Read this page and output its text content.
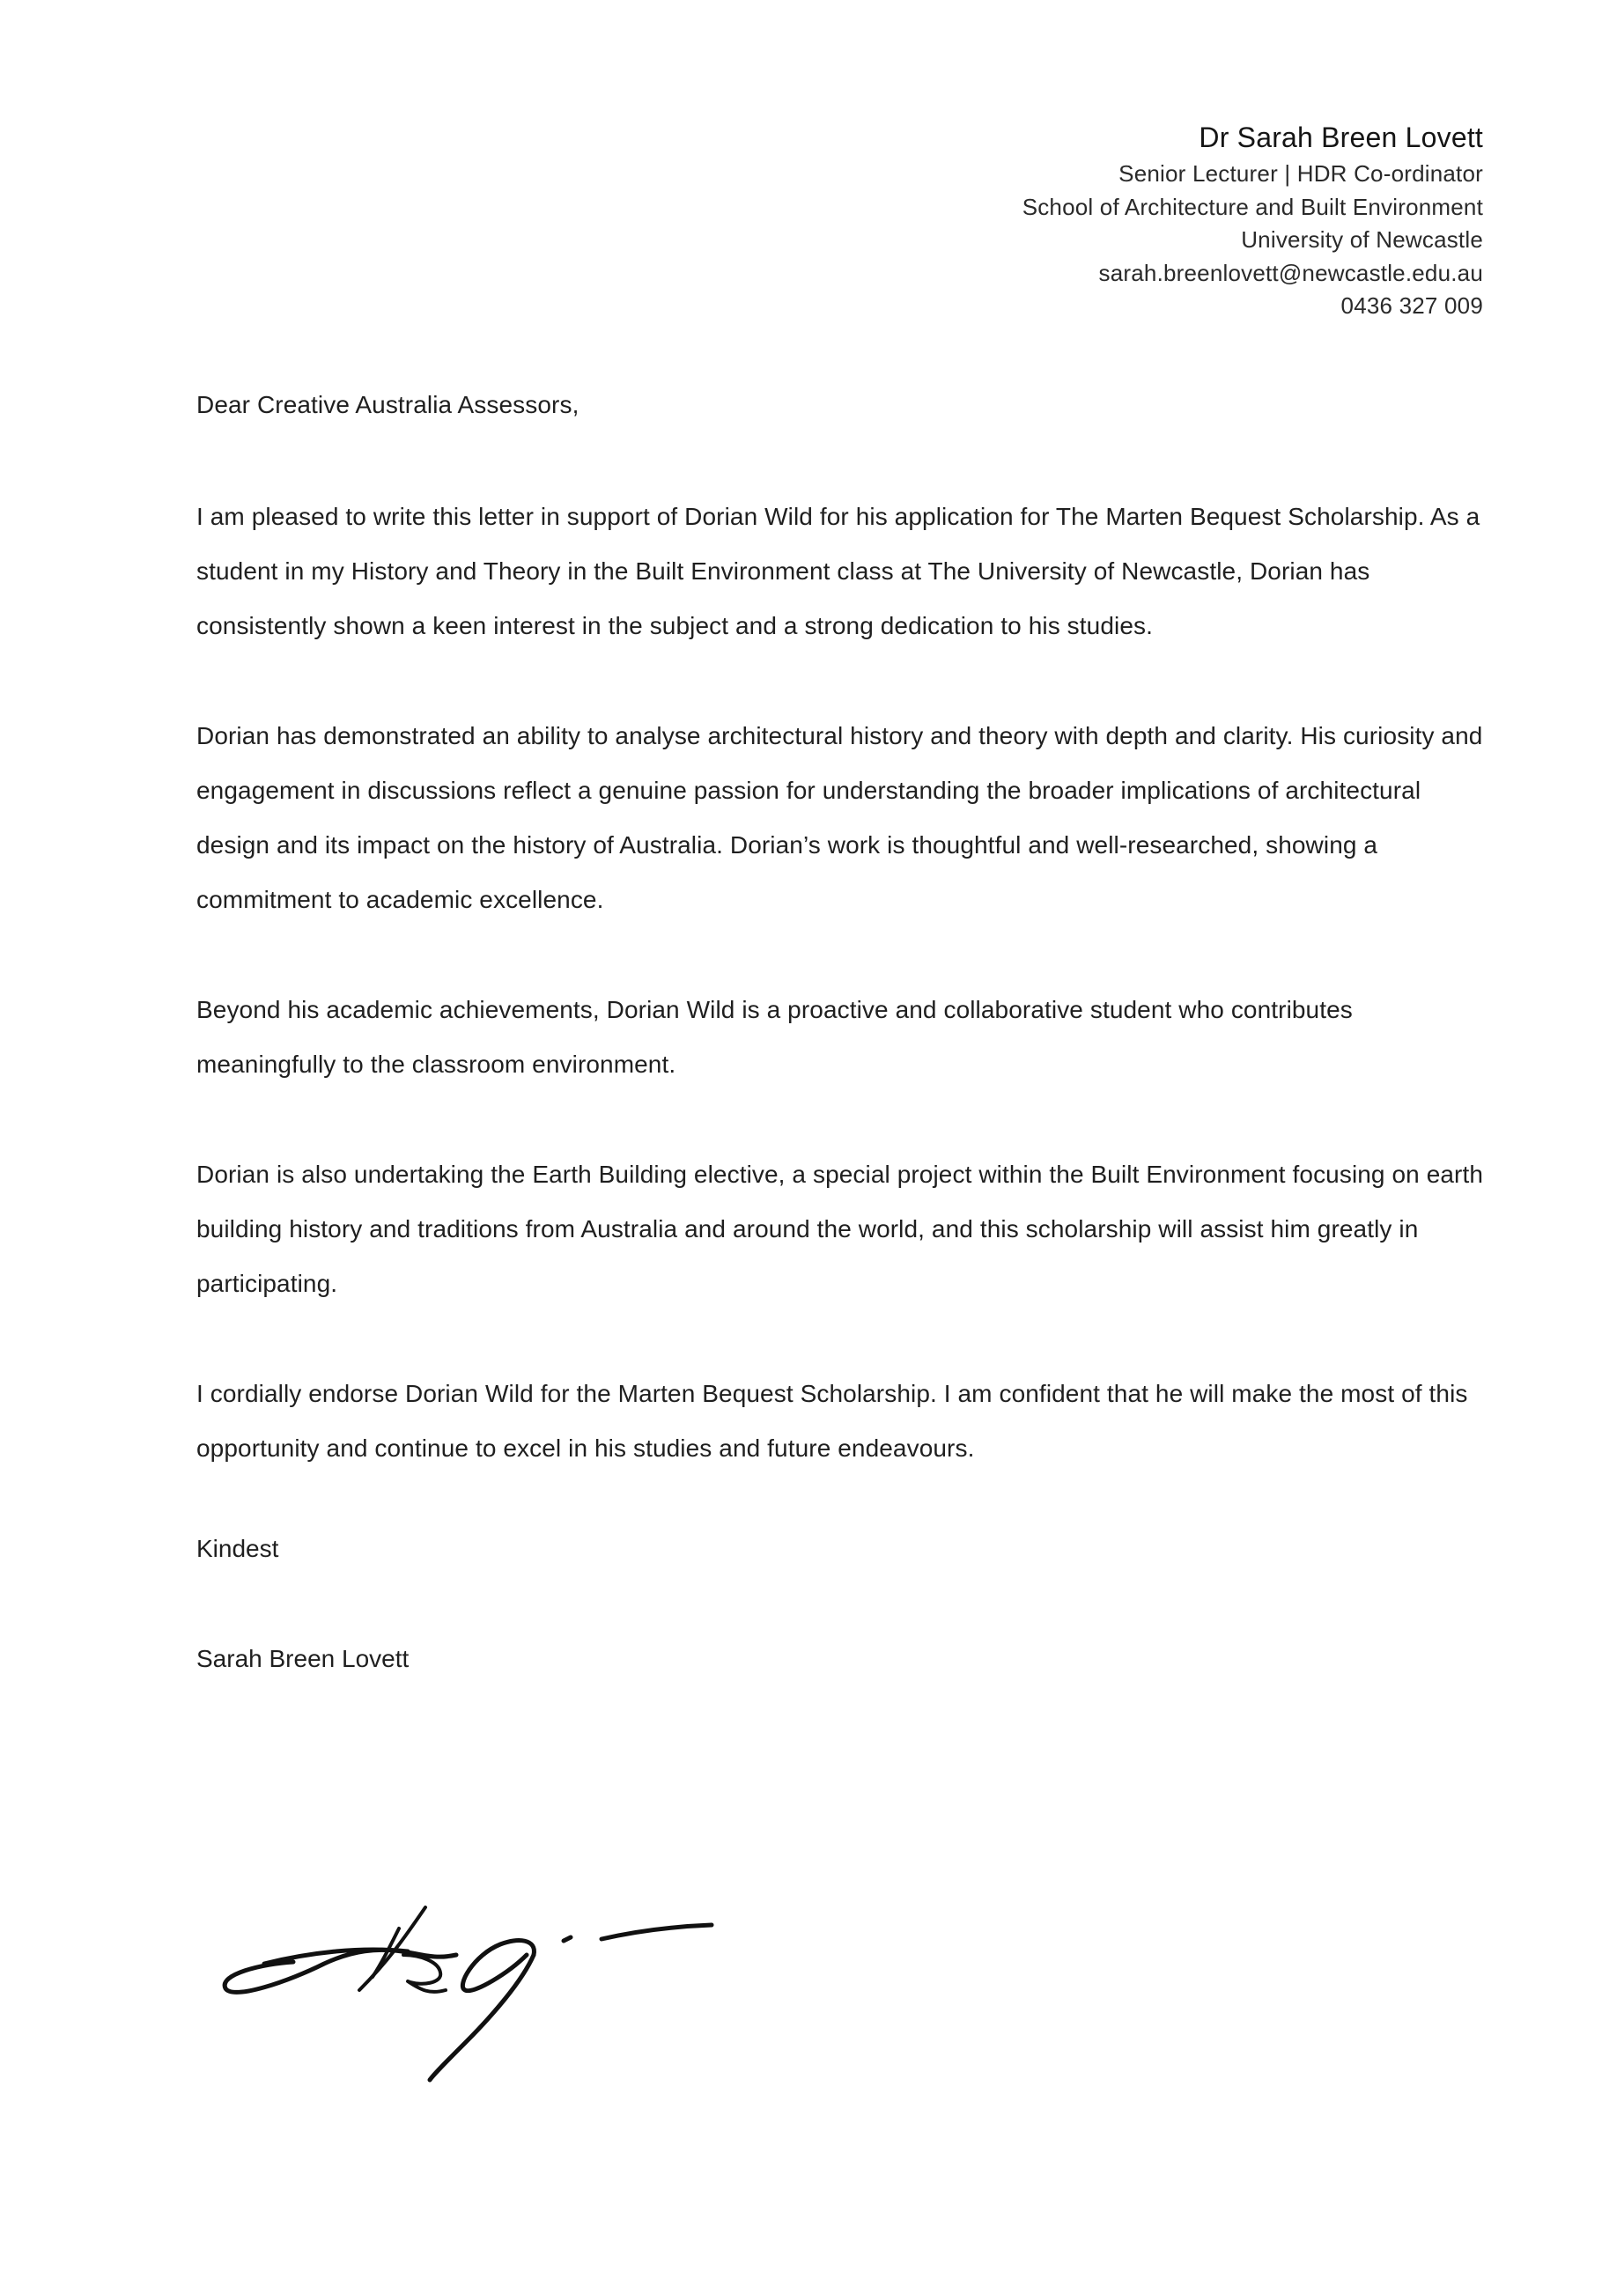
Dr Sarah Breen Lovett
Senior Lecturer | HDR Co-ordinator
School of Architecture and Built Environment
University of Newcastle
sarah.breenlovett@newcastle.edu.au
0436 327 009

Dear Creative Australia Assessors,

I am pleased to write this letter in support of Dorian Wild for his application for The Marten Bequest Scholarship. As a student in my History and Theory in the Built Environment class at The University of Newcastle, Dorian has consistently shown a keen interest in the subject and a strong dedication to his studies.

Dorian has demonstrated an ability to analyse architectural history and theory with depth and clarity. His curiosity and engagement in discussions reflect a genuine passion for understanding the broader implications of architectural design and its impact on the history of Australia. Dorian’s work is thoughtful and well-researched, showing a commitment to academic excellence.

Beyond his academic achievements, Dorian Wild is a proactive and collaborative student who contributes meaningfully to the classroom environment.

Dorian is also undertaking the Earth Building elective, a special project within the Built Environment focusing on earth building history and traditions from Australia and around the world, and this scholarship will assist him greatly in participating.

I cordially endorse Dorian Wild for the Marten Bequest Scholarship. I am confident that he will make the most of this opportunity and continue to excel in his studies and future endeavours.

Kindest

Sarah Breen Lovett
